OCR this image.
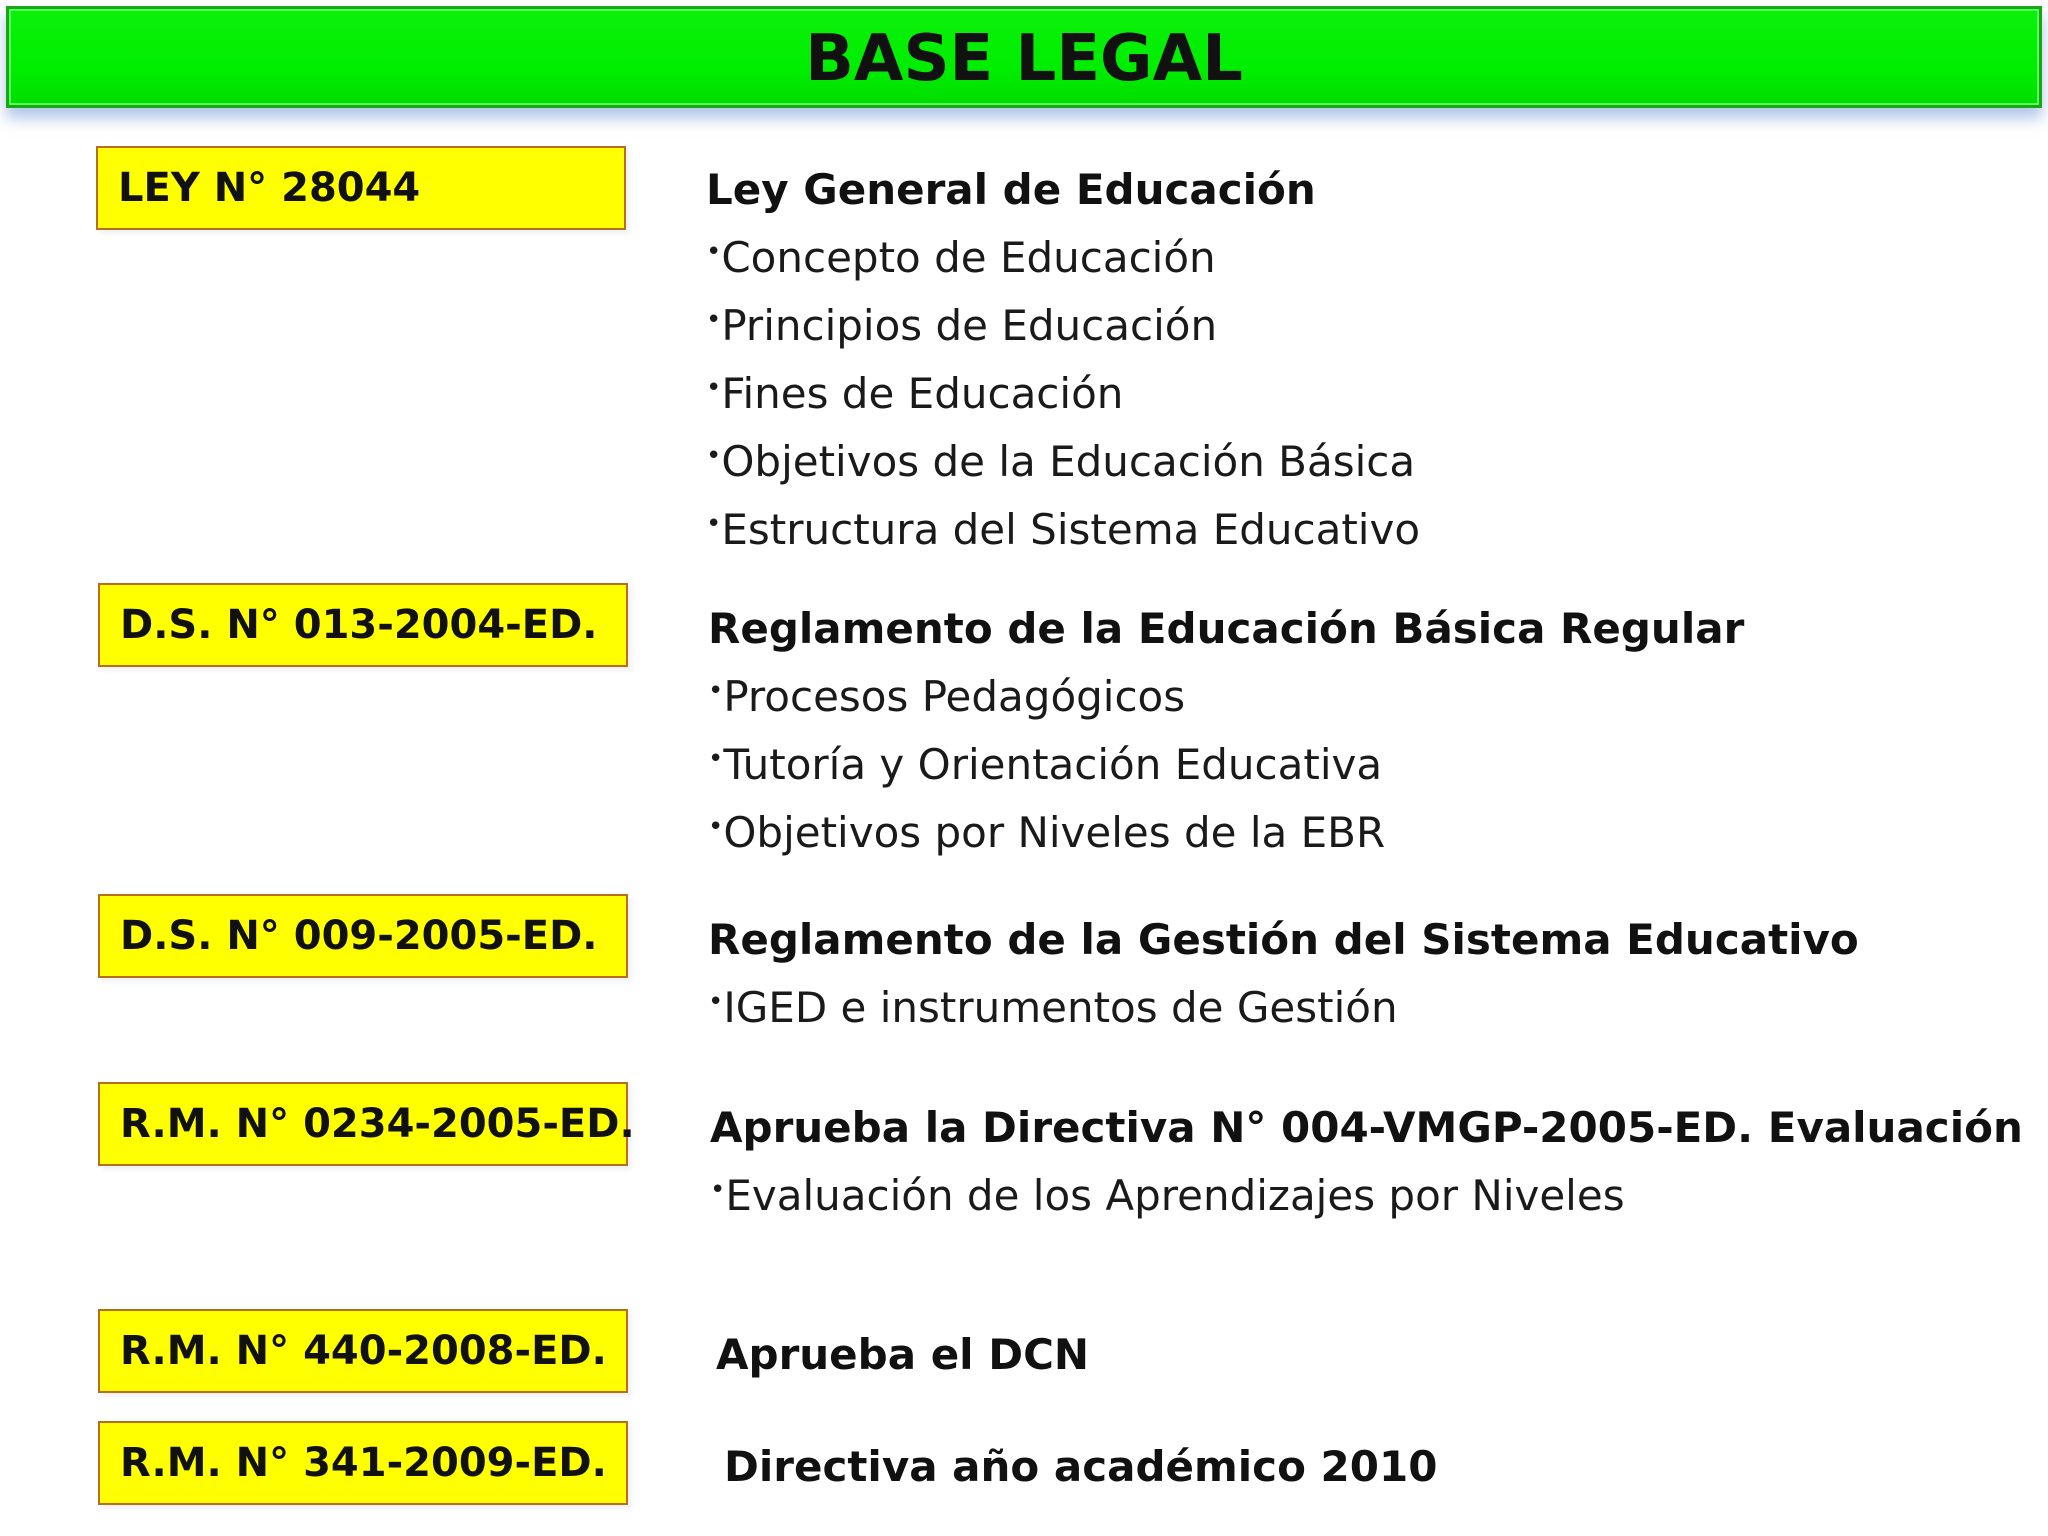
BASE LEGAL
LEY N° 28044	Ley General de Educación
•Concepto de Educación
•Principios de Educación
•Fines de Educación
•Objetivos de la Educación Básica
•Estructura del Sistema Educativo
D.S. N° 013-2004-ED.	Reglamento de la Educación Básica Regular
•Procesos Pedagógicos
•Tutoría y Orientación Educativa
•Objetivos por Niveles de la EBR
D.S. N° 009-2005-ED.	Reglamento de la Gestión del Sistema Educativo
•IGED e instrumentos de Gestión
R.M. N° 0234-2005-ED. Aprueba la Directiva N° 004-VMGP-2005-ED. Evaluación
•Evaluación de los Aprendizajes por Niveles
R.M. N° 440-2008-ED.	Aprueba el DCN
R.M. N° 341-2009-ED.	Directiva año académico 2010
